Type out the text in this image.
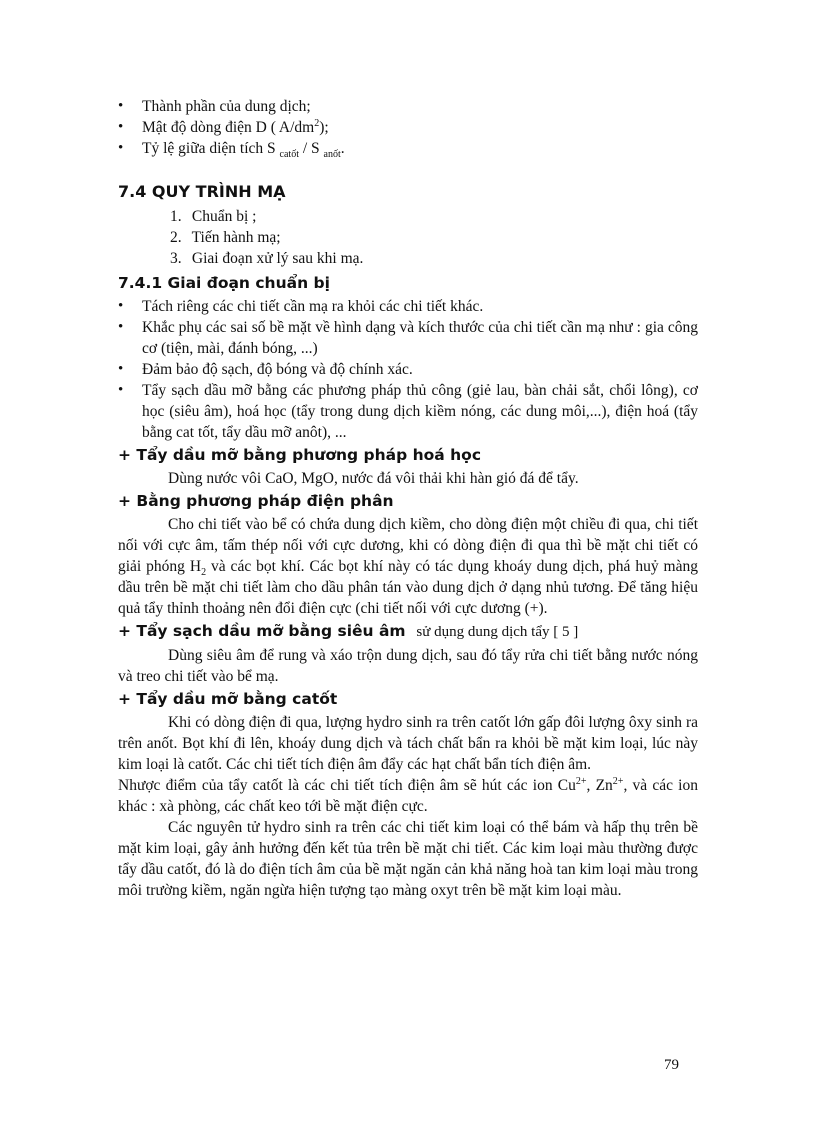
• Thành phần của dung dịch;
• Mật độ dòng điện D ( $A/dm^2$);
• Tỷ lệ giữa diện tích S $_{catốt}$ / S $_{anốt}$.
7.4 QUY TRÌNH MẠ
1. Chuẩn bị ;
2. Tiến hành mạ;
3. Giai đoạn xử lý sau khi mạ.
7.4.1 Giai đoạn chuẩn bị
• Tách riêng các chi tiết cần mạ ra khỏi các chi tiết khác.
• Khắc phụ các sai số bề mặt về hình dạng và kích thước của chi tiết cần mạ như : gia công cơ (tiện, mài, đánh bóng, ...)
• Đảm bảo độ sạch, độ bóng và độ chính xác.
• Tẩy sạch dầu mỡ bằng các phương pháp thủ công (giẻ lau, bàn chải sắt, chổi lông), cơ học (siêu âm), hoá học (tẩy trong dung dịch kiềm nóng, các dung môi,...), điện hoá (tẩy bằng cat tốt, tẩy dầu mỡ anôt), ...
+ Tẩy dầu mỡ bằng phương pháp hoá học

Dùng nước vôi CaO, MgO, nước đá vôi thải khi hàn gió đá để tẩy.

+ Bằng phương pháp điện phân

Cho chi tiết vào bể có chứa dung dịch kiềm, cho dòng điện một chiều đi qua, chi tiết nối với cực âm, tấm thép nối với cực dương, khi có dòng điện đi qua thì bề mặt chi tiết có giải phóng $H_2$ và các bọt khí. Các bọt khí này có tác dụng khoáy dung dịch, phá huỷ màng dầu trên bề mặt chi tiết làm cho dầu phân tán vào dung dịch ở dạng nhủ tương. Để tăng hiệu quả tẩy thỉnh thoảng nên đổi điện cực (chi tiết nối với cực dương (+).

+ Tẩy sạch dầu mỡ bằng siêu âm sử dụng dung dịch tẩy [ 5 ]

Dùng siêu âm để rung và xáo trộn dung dịch, sau đó tẩy rửa chi tiết bằng nước nóng và treo chi tiết vào bể mạ.

+ Tẩy dầu mỡ bằng catốt

Khi có dòng điện đi qua, lượng hydro sinh ra trên catốt lớn gấp đôi lượng ôxy sinh ra trên anốt. Bọt khí đi lên, khoáy dung dịch và tách chất bẩn ra khỏi bề mặt kim loại, lúc này kim loại là catốt. Các chi tiết tích điện âm đẩy các hạt chất bẩn tích điện âm.

Nhược điểm của tẩy catốt là các chi tiết tích điện âm sẽ hút các ion $Cu^{2+}$, $Zn^{2+}$, và các ion khác : xà phòng, các chất keo tới bề mặt điện cực.

Các nguyên tử hydro sinh ra trên các chi tiết kim loại có thể bám và hấp thụ trên bề mặt kim loại, gây ảnh hưởng đến kết tủa trên bề mặt chi tiết. Các kim loại màu thường được tẩy dầu catốt, đó là do điện tích âm của bề mặt ngăn cản khả năng hoà tan kim loại màu trong môi trường kiềm, ngăn ngừa hiện tượng tạo màng oxyt trên bề mặt kim loại màu.

79
